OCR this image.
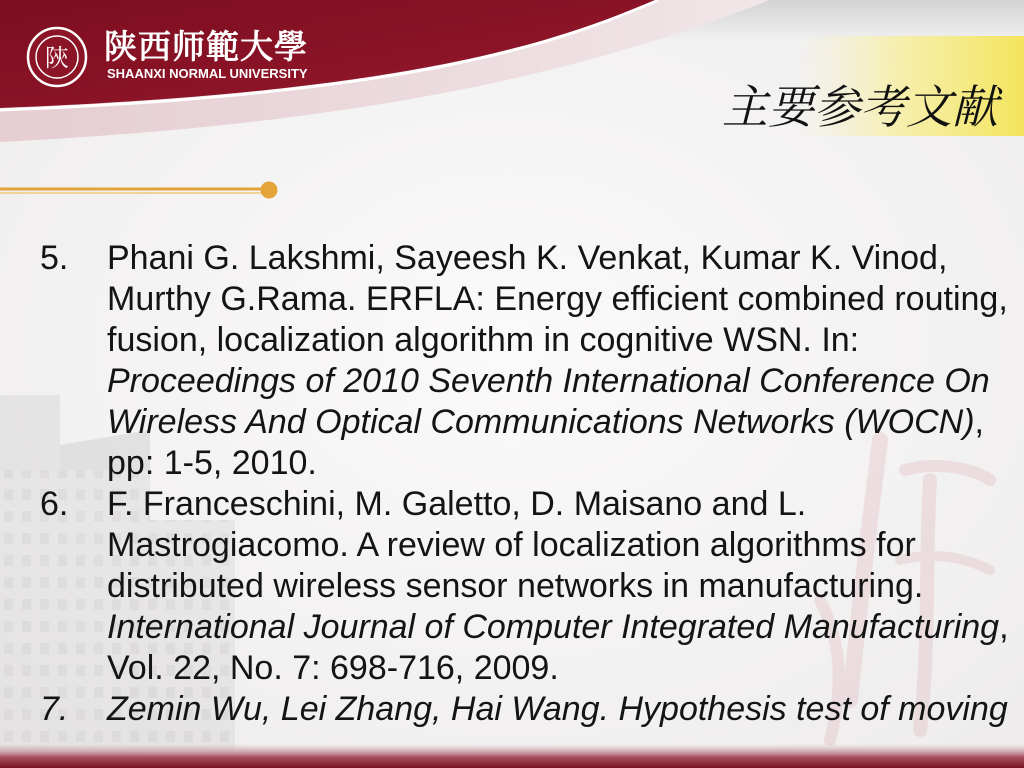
陝 陕西师範大學
SHAANXI NORMAL UNIVERSITY
主要参考文献
5. Phani G. Lakshmi, Sayeesh K. Venkat, Kumar K. Vinod,
Murthy G.Rama. ERFLA: Energy efficient combined routing,
fusion, localization algorithm in cognitive WSN. In:
Proceedings of 2010 Seventh International Conference On
Wireless And Optical Communications Networks (WOCN),
pp: 1-5, 2010.
6. F. Franceschini, M. Galetto, D. Maisano and L.
Mastrogiacomo. A review of localization algorithms for
distributed wireless sensor networks in manufacturing.
International Journal of Computer Integrated Manufacturing,
Vol. 22, No. 7: 698-716, 2009.
7. Zemin Wu, Lei Zhang, Hai Wang. Hypothesis test of moving
